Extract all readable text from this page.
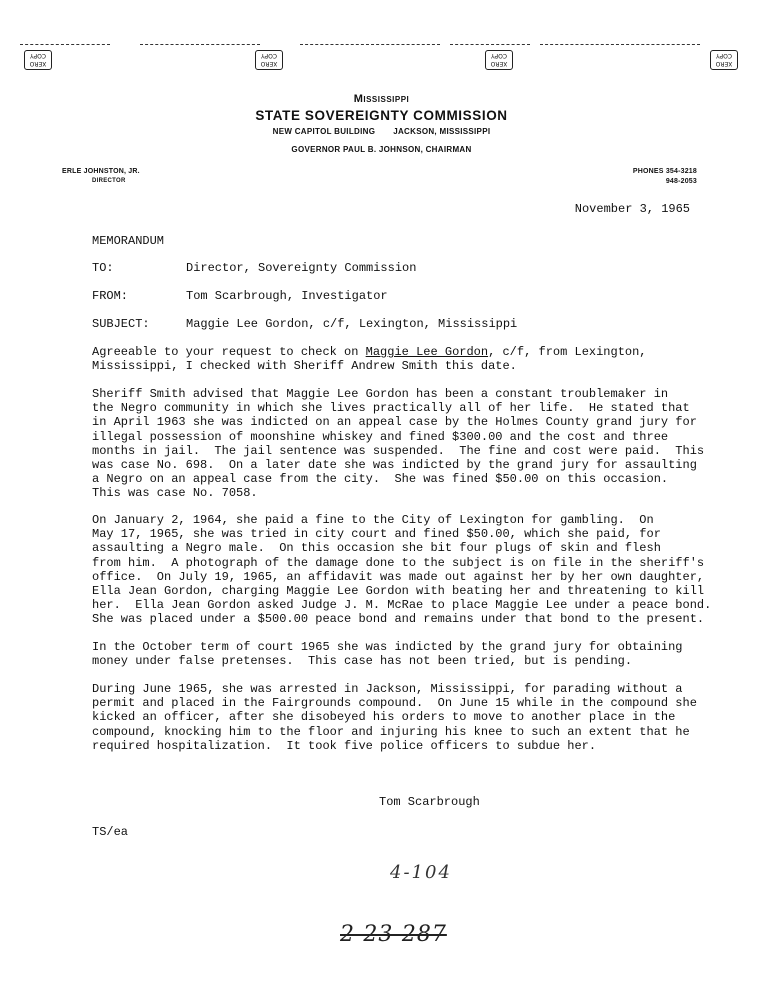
XERO COPY
XERO COPY
XERO COPY
XERO COPY
Mississippi
STATE SOVEREIGNTY COMMISSION
NEW CAPITOL BUILDING JACKSON, MISSISSIPPI
GOVERNOR PAUL B. JOHNSON, CHAIRMAN
ERLE JOHNSTON, JR.
DIRECTOR
PHONES 354-3218
948-2053
November 3, 1965
MEMORANDUM
TO:	Director, Sovereignty Commission
FROM:	Tom Scarbrough, Investigator
SUBJECT:	Maggie Lee Gordon, c/f, Lexington, Mississippi
Agreeable to your request to check on Maggie Lee Gordon, c/f, from Lexington,
Mississippi, I checked with Sheriff Andrew Smith this date.
Sheriff Smith advised that Maggie Lee Gordon has been a constant troublemaker in
the Negro community in which she lives practically all of her life.  He stated that
in April 1963 she was indicted on an appeal case by the Holmes County grand jury for
illegal possession of moonshine whiskey and fined $300.00 and the cost and three
months in jail.  The jail sentence was suspended.  The fine and cost were paid.  This
was case No. 698.  On a later date she was indicted by the grand jury for assaulting
a Negro on an appeal case from the city.  She was fined $50.00 on this occasion.
This was case No. 7058.
On January 2, 1964, she paid a fine to the City of Lexington for gambling.  On
May 17, 1965, she was tried in city court and fined $50.00, which she paid, for
assaulting a Negro male.  On this occasion she bit four plugs of skin and flesh
from him.  A photograph of the damage done to the subject is on file in the sheriff's
office.  On July 19, 1965, an affidavit was made out against her by her own daughter,
Ella Jean Gordon, charging Maggie Lee Gordon with beating her and threatening to kill
her.  Ella Jean Gordon asked Judge J. M. McRae to place Maggie Lee under a peace bond.
She was placed under a $500.00 peace bond and remains under that bond to the present.
In the October term of court 1965 she was indicted by the grand jury for obtaining
money under false pretenses.  This case has not been tried, but is pending.
During June 1965, she was arrested in Jackson, Mississippi, for parading without a
permit and placed in the Fairgrounds compound.  On June 15 while in the compound she
kicked an officer, after she disobeyed his orders to move to another place in the
compound, knocking him to the floor and injuring his knee to such an extent that he
required hospitalization.  It took five police officers to subdue her.
Tom Scarbrough
TS/ea
4-104
2-23-287
